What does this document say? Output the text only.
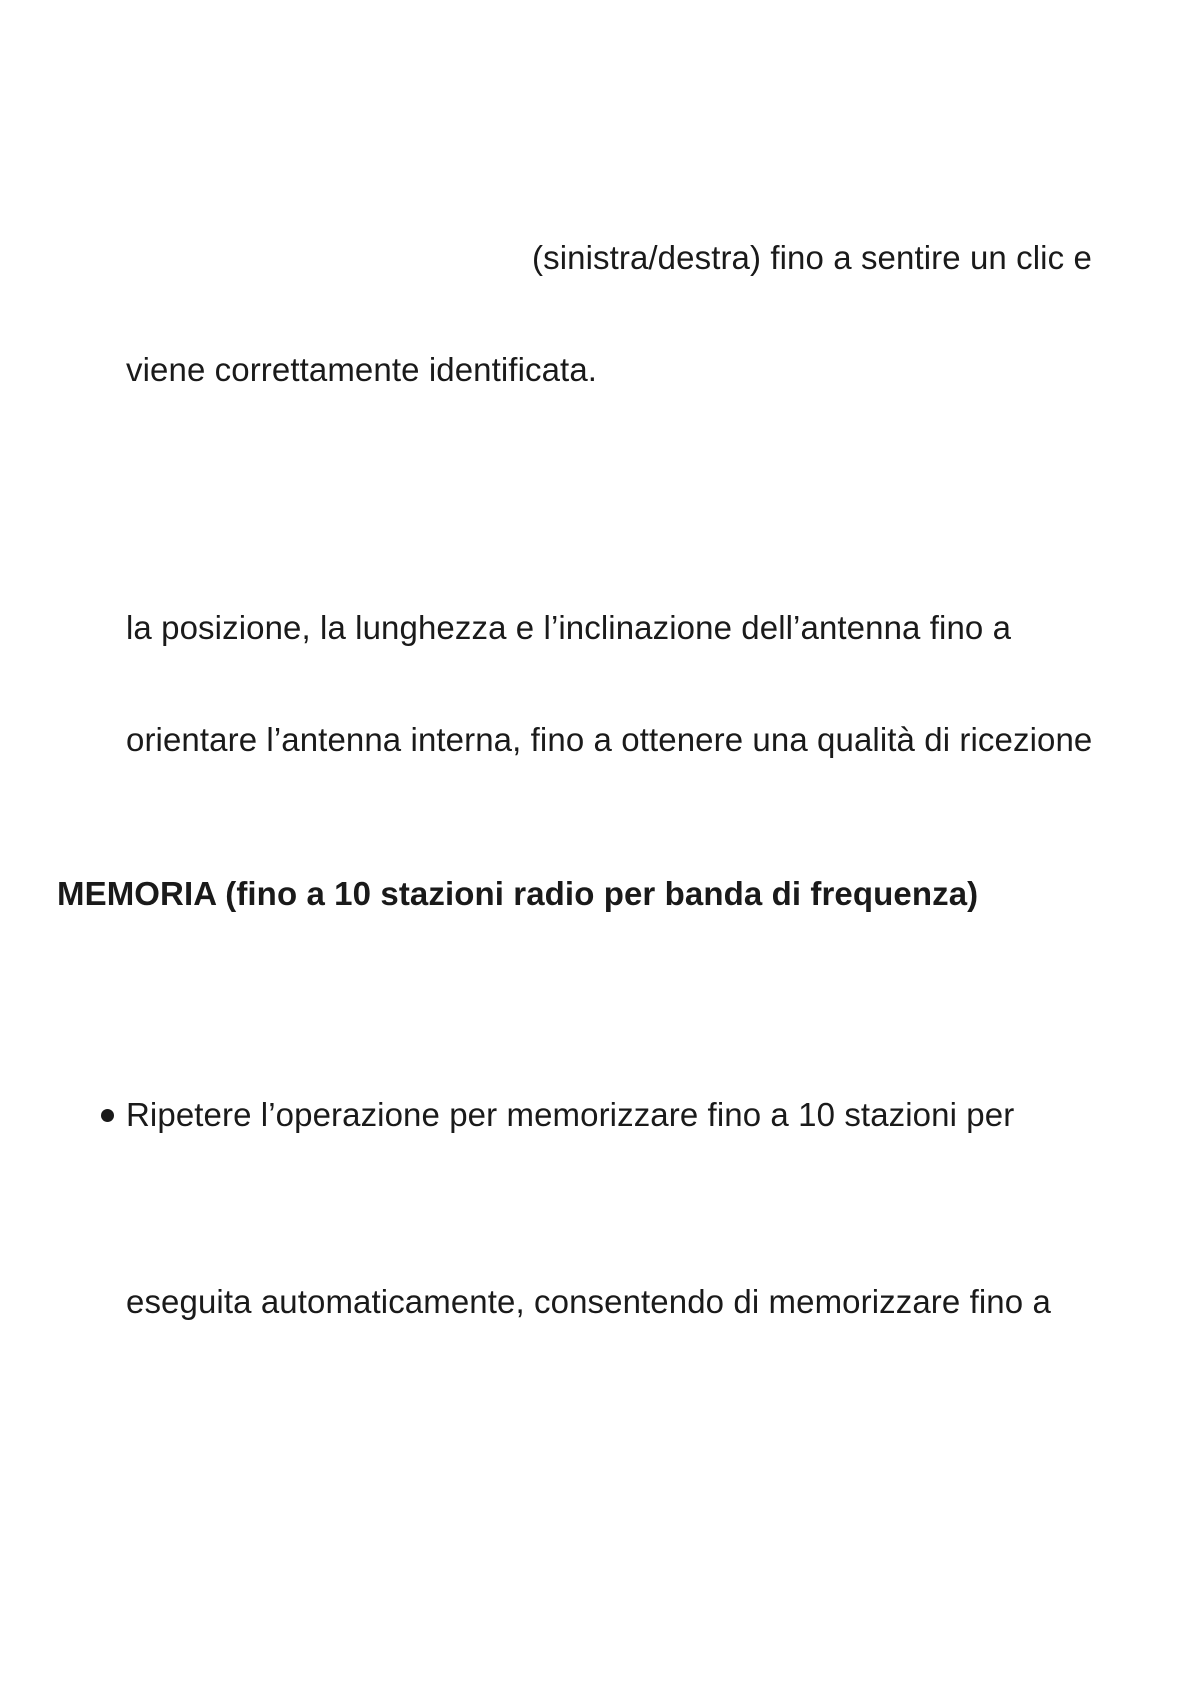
(sinistra/destra) fino a sentire un clic e
viene correttamente identificata.
la posizione, la lunghezza e l’inclinazione dell’antenna fino a
orientare l’antenna interna, fino a ottenere una qualità di ricezione
MEMORIA (fino a 10 stazioni radio per banda di frequenza)
Ripetere l’operazione per memorizzare fino a 10 stazioni per
eseguita automaticamente, consentendo di memorizzare fino a
